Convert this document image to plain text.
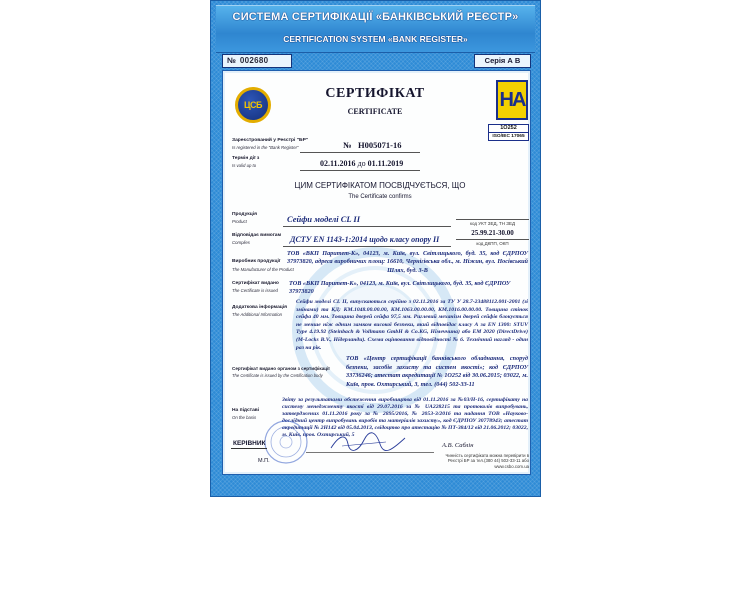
СИСТЕМА СЕРТИФІКАЦІЇ «БАНКІВСЬКИЙ РЕЄСТР»
CERTIFICATION SYSTEM «BANK REGISTER»
№ 002680	Серія А В
ЦСБ	НА
1О252
ISO/IEC 17065
СЕРТИФІКАТ
CERTIFICATE
Зареєстрований у Реєстрі "БР"
Is registered in the "Bank Register"	№ H005071-16
Термін дії з
Is valid up to	02.11.2016 до 01.11.2019
ЦИМ СЕРТИФІКАТОМ ПОСВІДЧУЄТЬСЯ, ЩО
The Certificate confirms
Продукція
Product	Сейфи моделі CL II	код УКТ ЗЕД, ТН ЗЕД
Відповідає вимогам
Complies	ДСТУ EN 1143-1:2014 щодо класу опору II
25.99.21-30.00
код ДКПП, ОКП
Виробник продукції
The Manufacturer of the Product
ТОВ «ВКП Паритет-К», 04123, м. Київ, вул. Світлицького, буд. 35, код ЄДРПОУ 37973820, адреса виробничих площ: 16610, Чернігівська обл., м. Ніжин, вул. Носівський Шлях, буд. 3-В
Сертифікат видано
The Certificate is issued
ТОВ «ВКП Паритет-К», 04123, м. Київ, вул. Світлицького, буд. 35, код ЄДРПОУ 37973820
Додаткова інформація
The Additional Information
Сейфи моделі CL II, випускаються серійно з 02.11.2016 за ТУ У 28.7-23488112.001-2001 (зі змінами) та КД: КМ.1048.00.00.00, КМ.1063.00.00.00, КМ.1016.00.00.00. Товщина стінок сейфа 40 мм. Товщина дверей сейфа 97,5 мм. Риглевий механізм дверей сейфів блокується не менше ніж одним замком високої безпеки, який відповідає класу А за EN 1300: STUV Type 4.19.92 (Steinbach & Vollmann GmbH & Co.KG, Німеччина) або EM 2020 (DirectDrive) (M-Locks B.V., Нідерланди). Схема оцінювання відповідності № 6. Технічний нагляд - один раз на рік.
Сертифікат видано органом з сертифікації
The Certificate is issued by the Certification body
ТОВ «Центр сертифікації банківського обладнання, споруд безпеки, засобів захисту та систем якості»; код ЄДРПОУ 33736246; атестат акредитації № 1О252 від 30.06.2015; 03022, м. Київ, пров. Охтирський, 3, тел. (044) 502-33-11
На підставі
On the basis
Звіту за результатами обстеження виробництва від 01.11.2016 за №03/Н-16, сертифікату на систему менеджменту якості від 29.07.2016 за № UA228215 та протоколів випробувань, затверджених 01.11.2016 року за № 2895/2016, № 2053-3/2016 та надання ТОВ «Науково-дослідний центр випробувань виробів та матеріалів захисту», код ЄДРПОУ 30778943; атестат акредитації № 2Н142 від 05.04.2013, свідоцтво про атестацію № ПТ-384/12 від 21.06.2012; 03022, м. Київ, пров. Охтирський, 5
КЕРІВНИК
М.П.
А.В. Саблін
Чинність сертифіката можна перевірити в Реєстрі БР за тел.(380 44) 502-33-11 або www.csbo.com.ua
